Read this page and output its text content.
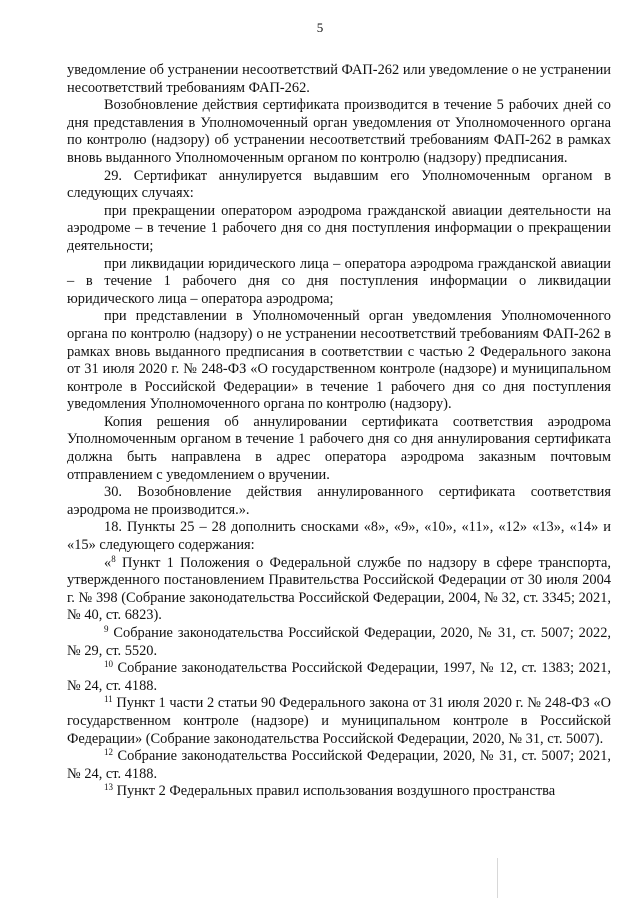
5

уведомление об устранении несоответствий ФАП-262 или уведомление о не устранении несоответствий требованиям ФАП-262.

Возобновление действия сертификата производится в течение 5 рабочих дней со дня представления в Уполномоченный орган уведомления от Уполномоченного органа по контролю (надзору) об устранении несоответствий требованиям ФАП-262 в рамках вновь выданного Уполномоченным органом по контролю (надзору) предписания.

29. Сертификат аннулируется выдавшим его Уполномоченным органом в следующих случаях:

при прекращении оператором аэродрома гражданской авиации деятельности на аэродроме – в течение 1 рабочего дня со дня поступления информации о прекращении деятельности;

при ликвидации юридического лица – оператора аэродрома гражданской авиации – в течение 1 рабочего дня со дня поступления информации о ликвидации юридического лица – оператора аэродрома;

при представлении в Уполномоченный орган уведомления Уполномоченного органа по контролю (надзору) о не устранении несоответствий требованиям ФАП-262 в рамках вновь выданного предписания в соответствии с частью 2 Федерального закона от 31 июля 2020 г. № 248-ФЗ «О государственном контроле (надзоре) и муниципальном контроле в Российской Федерации» в течение 1 рабочего дня со дня поступления уведомления Уполномоченного органа по контролю (надзору).

Копия решения об аннулировании сертификата соответствия аэродрома Уполномоченным органом в течение 1 рабочего дня со дня аннулирования сертификата должна быть направлена в адрес оператора аэродрома заказным почтовым отправлением с уведомлением о вручении.

30. Возобновление действия аннулированного сертификата соответствия аэродрома не производится.».

18. Пункты 25 – 28 дополнить сносками «8», «9», «10», «11», «12» «13», «14» и «15» следующего содержания:

«$^8$ Пункт 1 Положения о Федеральной службе по надзору в сфере транспорта, утвержденного постановлением Правительства Российской Федерации от 30 июля 2004 г. № 398 (Собрание законодательства Российской Федерации, 2004, № 32, ст. 3345; 2021, № 40, ст. 6823).

$^9$ Собрание законодательства Российской Федерации, 2020, № 31, ст. 5007; 2022, № 29, ст. 5520.

$^{10}$ Собрание законодательства Российской Федерации, 1997, № 12, ст. 1383; 2021, № 24, ст. 4188.

$^{11}$ Пункт 1 части 2 статьи 90 Федерального закона от 31 июля 2020 г. № 248-ФЗ «О государственном контроле (надзоре) и муниципальном контроле в Российской Федерации» (Собрание законодательства Российской Федерации, 2020, № 31, ст. 5007).

$^{12}$ Собрание законодательства Российской Федерации, 2020, № 31, ст. 5007; 2021, № 24, ст. 4188.

$^{13}$ Пункт 2 Федеральных правил использования воздушного пространства
